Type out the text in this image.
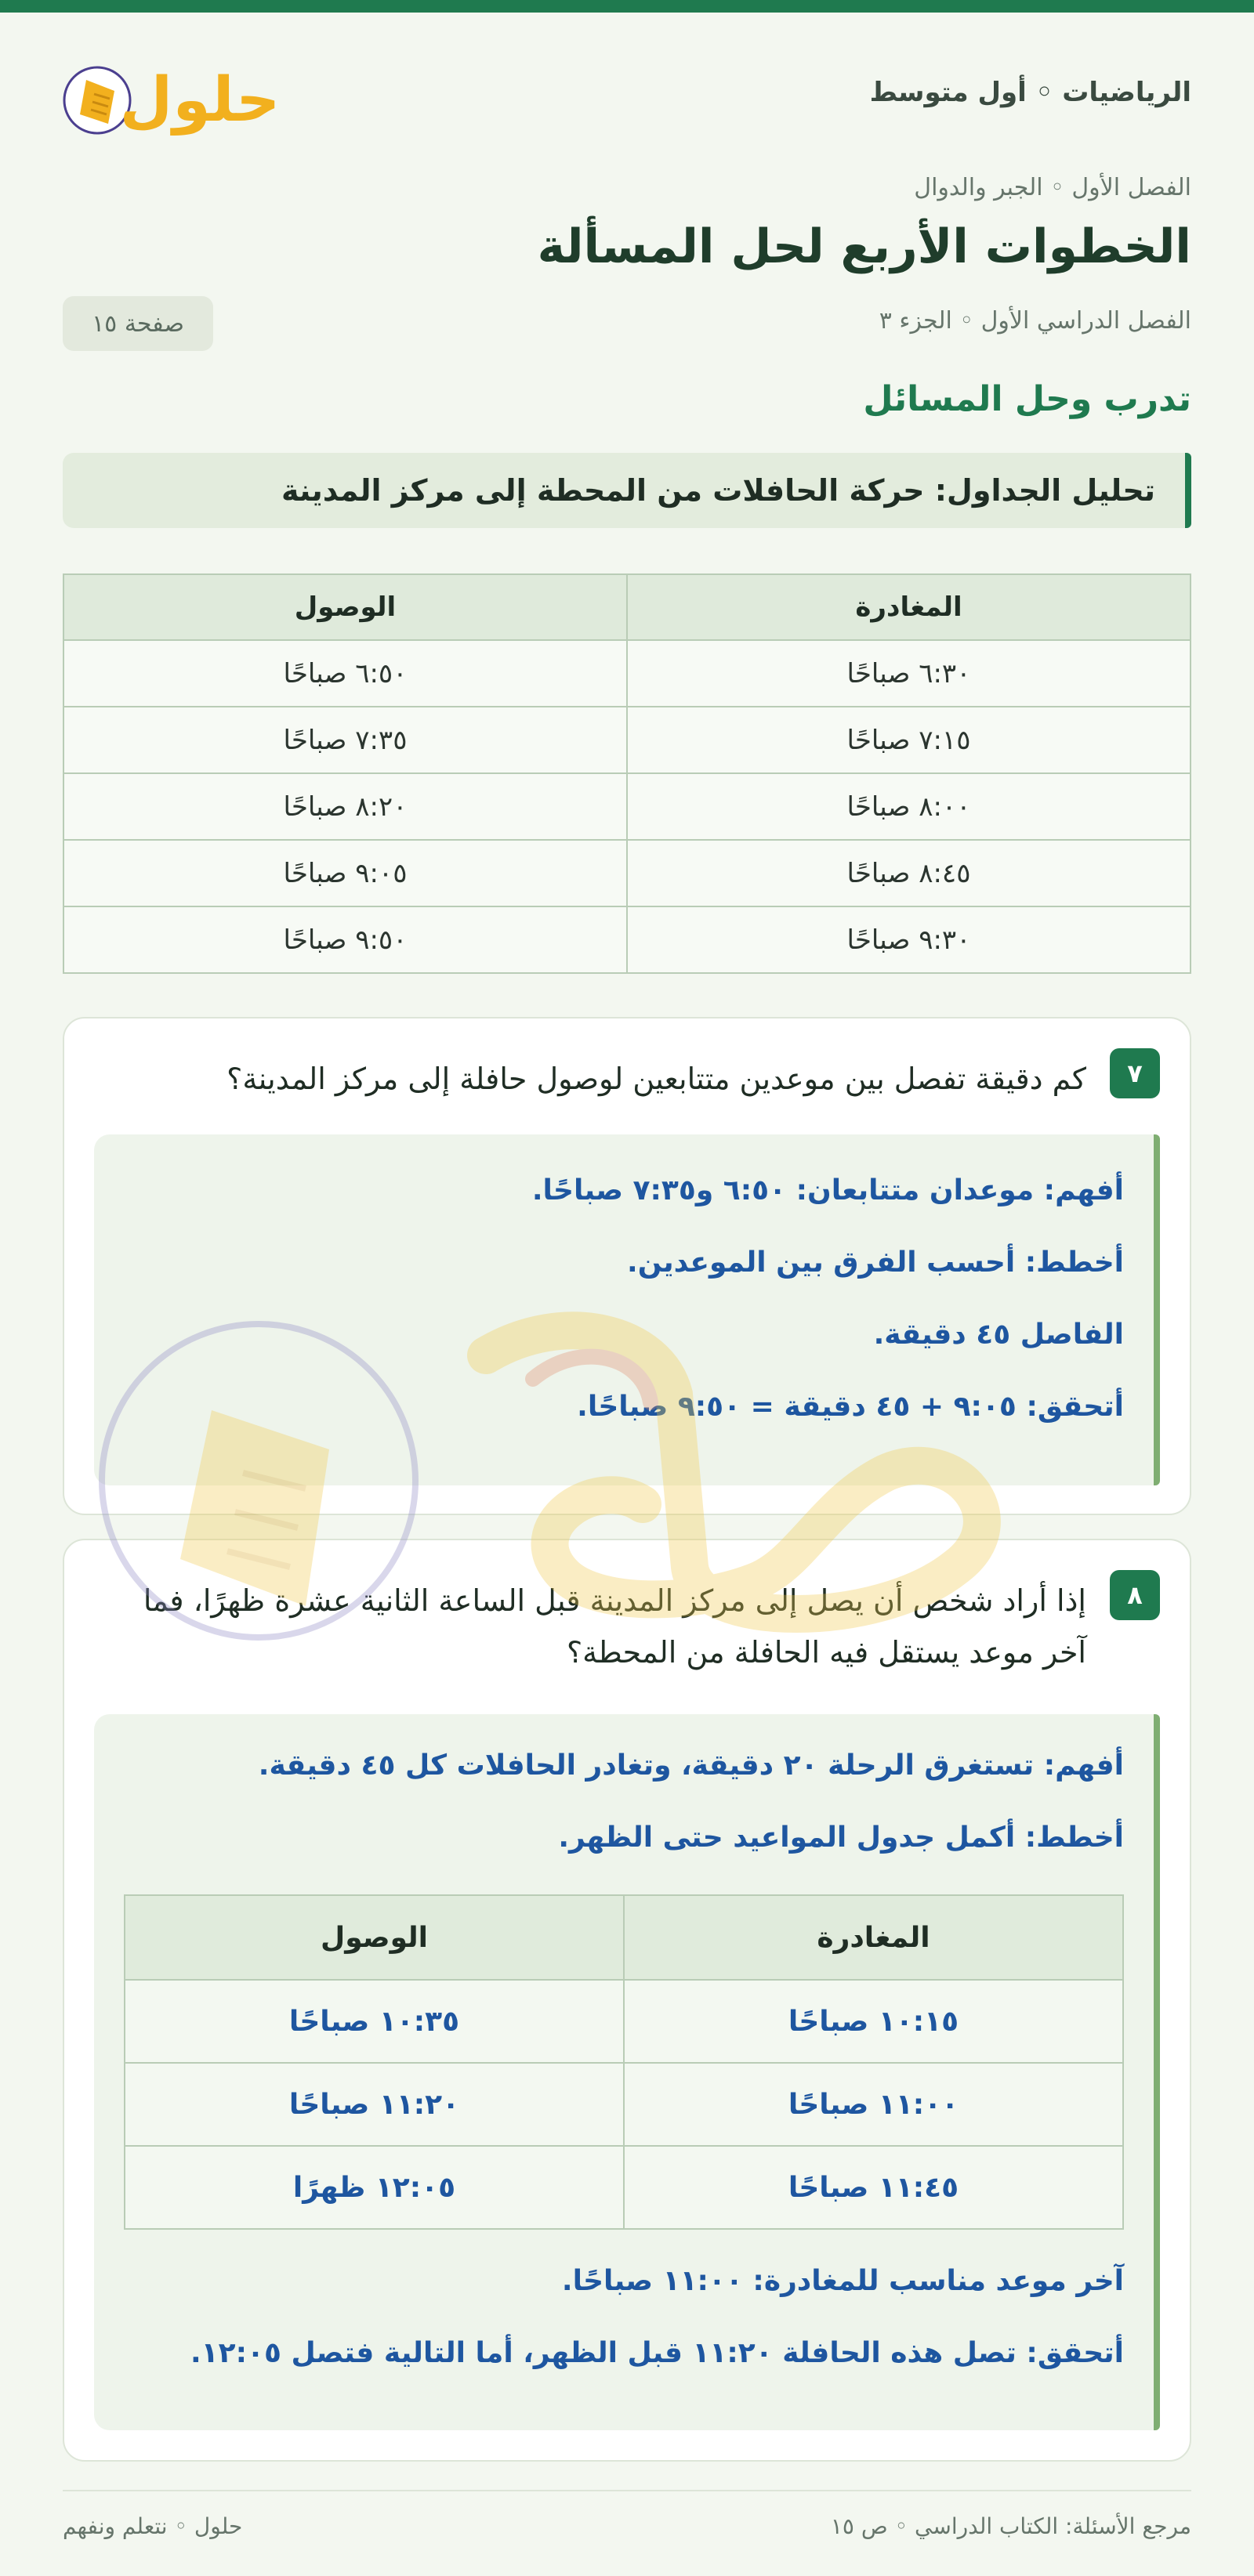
الرياضيات ◦ أول متوسط
حلول
الفصل الأول ◦ الجبر والدوال
الخطوات الأربع لحل المسألة
الفصل الدراسي الأول ◦ الجزء ٣
صفحة ١٥
تدرب وحل المسائل
تحليل الجداول: حركة الحافلات من المحطة إلى مركز المدينة
المغادرة	الوصول
٦:٣٠ صباحًا	٦:٥٠ صباحًا
٧:١٥ صباحًا	٧:٣٥ صباحًا
٨:٠٠ صباحًا	٨:٢٠ صباحًا
٨:٤٥ صباحًا	٩:٠٥ صباحًا
٩:٣٠ صباحًا	٩:٥٠ صباحًا
٧
كم دقيقة تفصل بين موعدين متتابعين لوصول حافلة إلى مركز المدينة؟
أفهم: موعدان متتابعان: ٦:٥٠ و٧:٣٥ صباحًا.
أخطط: أحسب الفرق بين الموعدين.
الفاصل ٤٥ دقيقة.
أتحقق: ٩:٠٥ + ٤٥ دقيقة = ٩:٥٠ صباحًا.
٨
إذا أراد شخص أن يصل إلى مركز المدينة قبل الساعة الثانية عشرة ظهرًا، فما آخر موعد يستقل فيه الحافلة من المحطة؟
أفهم: تستغرق الرحلة ٢٠ دقيقة، وتغادر الحافلات كل ٤٥ دقيقة.
أخطط: أكمل جدول المواعيد حتى الظهر.
المغادرة	الوصول
١٠:١٥ صباحًا	١٠:٣٥ صباحًا
١١:٠٠ صباحًا	١١:٢٠ صباحًا
١١:٤٥ صباحًا	١٢:٠٥ ظهرًا
آخر موعد مناسب للمغادرة: ١١:٠٠ صباحًا.
أتحقق: تصل هذه الحافلة ١١:٢٠ قبل الظهر، أما التالية فتصل ١٢:٠٥.
مرجع الأسئلة: الكتاب الدراسي ◦ ص ١٥
حلول ◦ نتعلم ونفهم
